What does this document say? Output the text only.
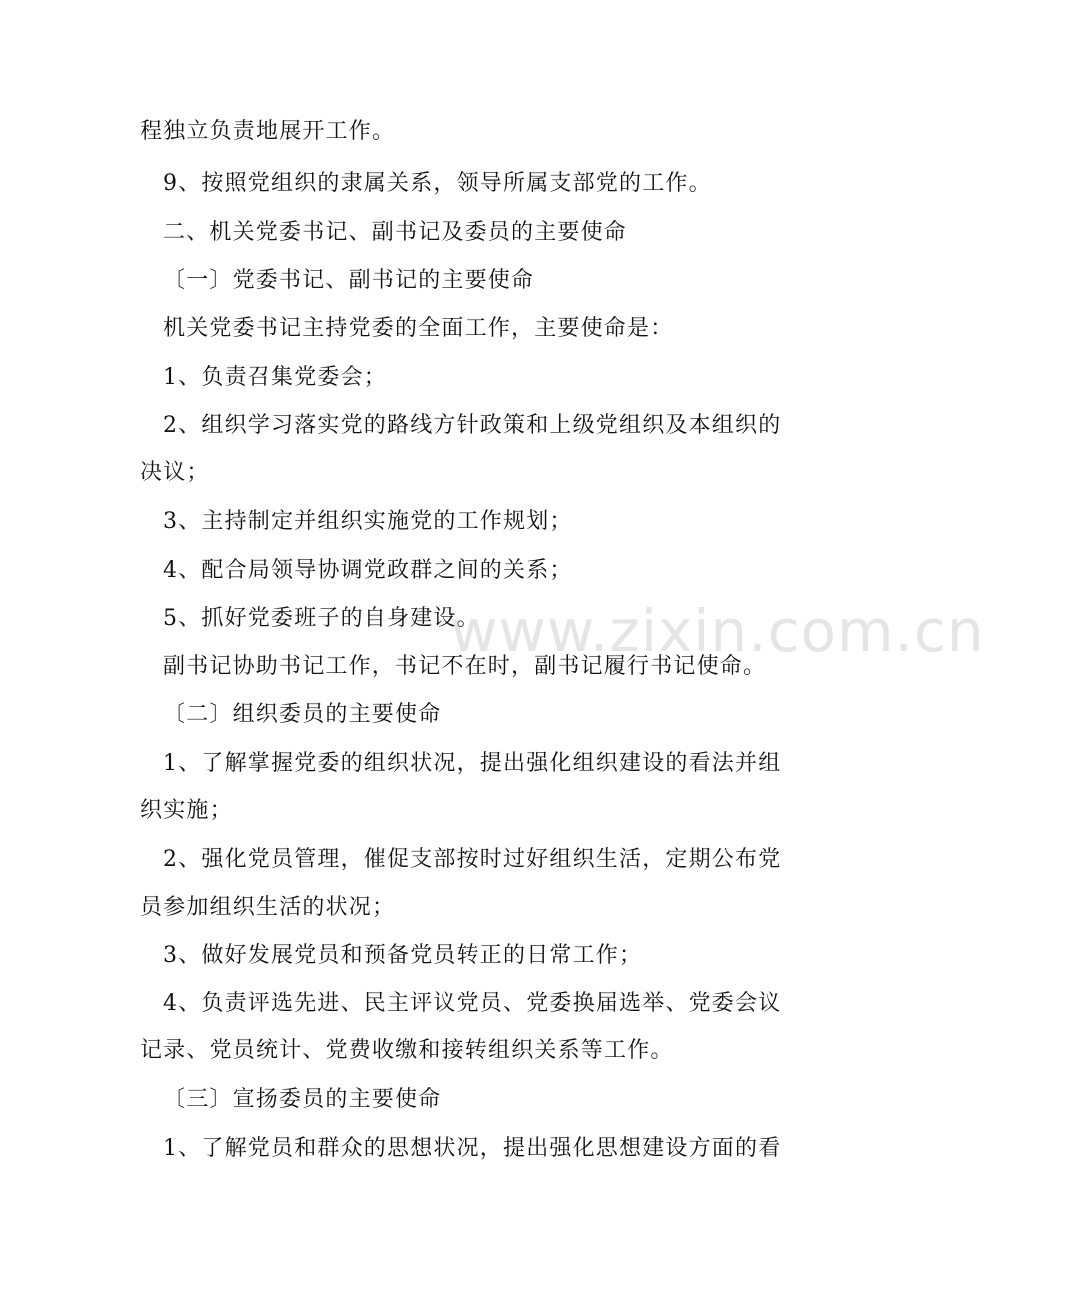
程独立负责地展开工作。
9、按照党组织的隶属关系，领导所属支部党的工作。
二、机关党委书记、副书记及委员的主要使命
〔一〕党委书记、副书记的主要使命
机关党委书记主持党委的全面工作，主要使命是：
1、负责召集党委会；
2、组织学习落实党的路线方针政策和上级党组织及本组织的
决议；
3、主持制定并组织实施党的工作规划；
4、配合局领导协调党政群之间的关系；
5、抓好党委班子的自身建设。
副书记协助书记工作，书记不在时，副书记履行书记使命。
〔二〕组织委员的主要使命
1、了解掌握党委的组织状况，提出强化组织建设的看法并组
织实施；
2、强化党员管理，催促支部按时过好组织生活，定期公布党
员参加组织生活的状况；
3、做好发展党员和预备党员转正的日常工作；
4、负责评选先进、民主评议党员、党委换届选举、党委会议
记录、党员统计、党费收缴和接转组织关系等工作。
〔三〕宣扬委员的主要使命
1、了解党员和群众的思想状况，提出强化思想建设方面的看
www.zixin.com.cn
